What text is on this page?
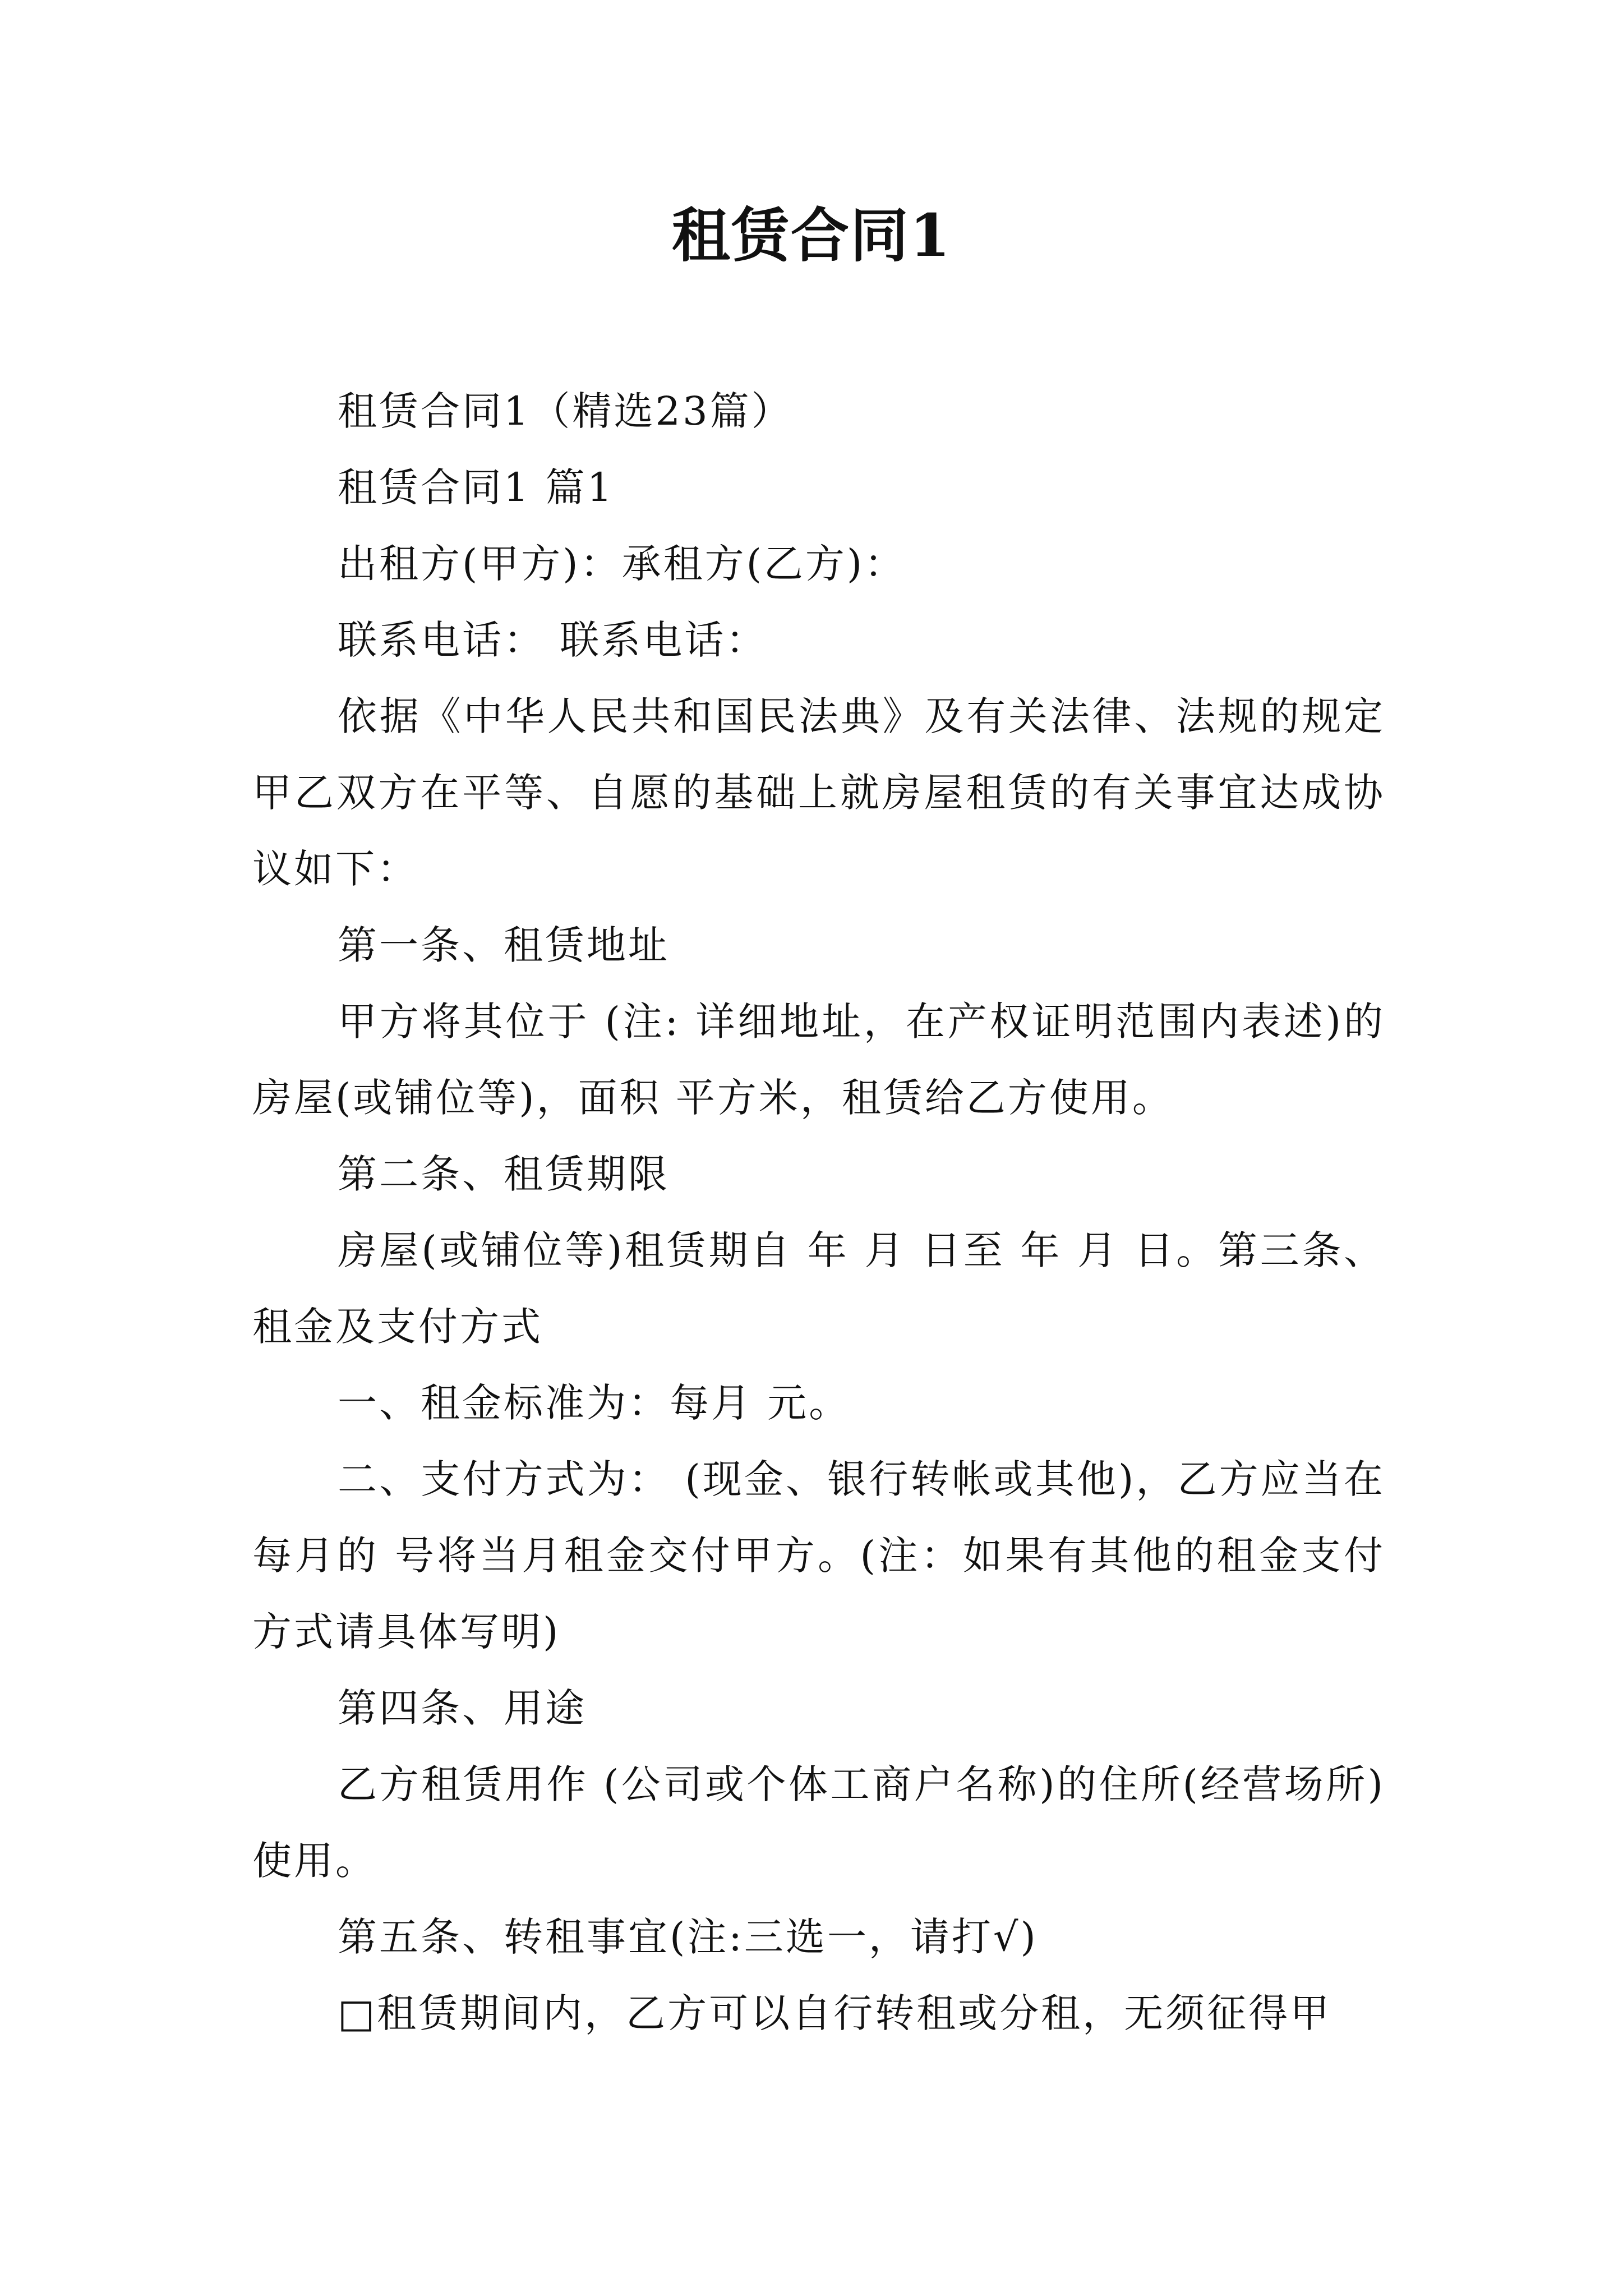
租赁合同1

租赁合同1（精选23篇）

租赁合同1 篇1

出租方(甲方)：承租方(乙方)：

联系电话： 联系电话：

依据《中华人民共和国民法典》及有关法律、法规的规定甲乙双方在平等、自愿的基础上就房屋租赁的有关事宜达成协议如下：

第一条、租赁地址

甲方将其位于 (注: 详细地址，在产权证明范围内表述)的房屋(或铺位等)，面积 平方米，租赁给乙方使用。

第二条、租赁期限

房屋(或铺位等)租赁期自 年 月 日至 年 月 日。第三条、租金及支付方式

一、租金标准为：每月 元。

二、支付方式为： (现金、银行转帐或其他)，乙方应当在每月的 号将当月租金交付甲方。(注：如果有其他的租金支付方式请具体写明)

第四条、用途

乙方租赁用作 (公司或个体工商户名称)的住所(经营场所)使用。

第五条、转租事宜(注:三选一，请打√)

□租赁期间内，乙方可以自行转租或分租，无须征得甲
